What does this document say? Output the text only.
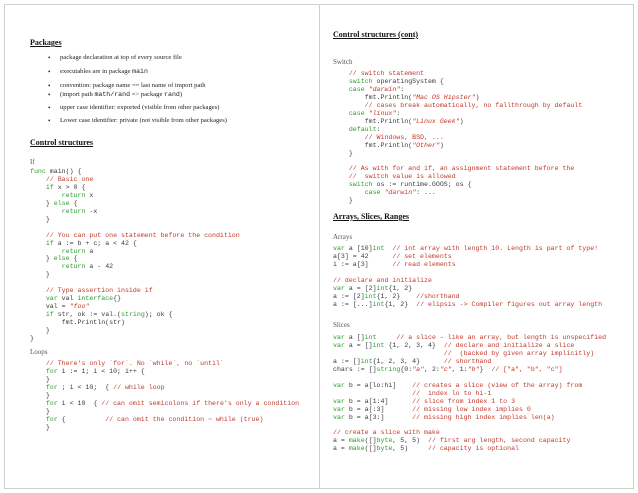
Packages
• package declaration at top of every source file
• executables are in package main
• convention: package name == last name of import path
• (import path math/rand => package rand)
• upper case identifier: exported (visible from other packages)
• Lower case identifier: private (not visible from other packages)
Control structures
If
func main() {
// Basic one
if x > 0 {
return x
} else {
return -x
}

// You can put one statement before the condition
if a := b + c; a < 42 {
return a
} else {
return a - 42
}

// Type assertion inside if
var val interface{}
val = "foo"
if str, ok := val.(string); ok {
fmt.Println(str)
}
}
Loops
// There's only `for`. No `while`, no `until`
for i := 1; i < 10; i++ {
}
for ; i < 10;  { // while loop
}
for i < 10  { // can omit semicolons if there's only a condition
}
for {          // can omit the condition ~ while (true)
}
Control structures (cont)
Switch
// switch statement
switch operatingSystem {
case "darwin":
fmt.Println("Mac OS Hipster")
// cases break automatically, no fallthrough by default
case "linux":
fmt.Println("Linux Geek")
default:
// Windows, BSD, ...
fmt.Println("Other")
}

// As with for and if, an assignment statement before the
//  switch value is allowed
switch os := runtime.GOOS; os {
case "darwin": ...
}
Arrays, Slices, Ranges
Arrays
var a [10]int // int array with length 10. Length is part of type!
a[3] = 42	// set elements
i := a[3]	// read elements

// declare and initialize
var a = [2]int{1, 2}
a := [2]int{1, 2}    //shorthand
a := [...]int{1, 2}  // elipsis -> Compiler figures out array length
Slices
var a []int	// a slice – like an array, but length is unspecified
var a = []int {1, 2, 3, 4}  // declare and initialize a slice
//  (backed by given array implicitly)
a := []int{1, 2, 3, 4}      // shorthand
chars := []string{0:"a", 2:"c", 1:"b"}  // ["a", "b", "c"]

var b = a[lo:hi]    // creates a slice (view of the array) from
//  index lo to hi-1
var b = a[1:4]      // slice from index 1 to 3
var b = a[:3]       // missing low index implies 0
var b = a[3:]       // missing high index implies len(a)

// create a slice with make
a = make([]byte, 5, 5)  // first arg length, second capacity
a = make([]byte, 5)     // capacity is optional
